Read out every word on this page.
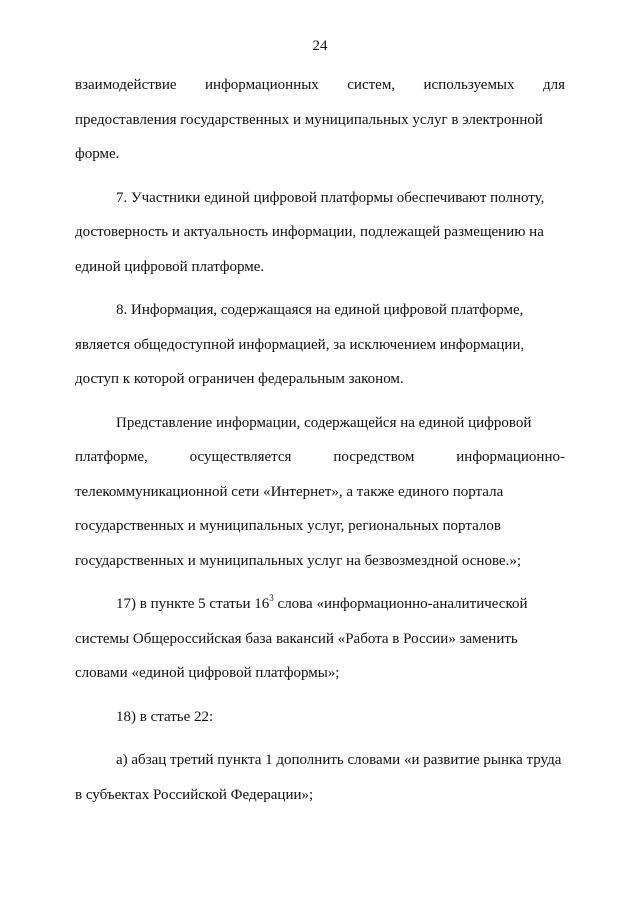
24

взаимодействие информационных систем, используемых для
предоставления государственных и муниципальных услуг в электронной
форме.

7. Участники единой цифровой платформы обеспечивают полноту,
достоверность и актуальность информации, подлежащей размещению на
единой цифровой платформе.

8. Информация, содержащаяся на единой цифровой платформе,
является общедоступной информацией, за исключением информации,
доступ к которой ограничен федеральным законом.

Представление информации, содержащейся на единой цифровой
платформе,	осуществляется	посредством	информационно-
телекоммуникационной сети «Интернет», а также единого портала
государственных и муниципальных услуг, региональных порталов
государственных и муниципальных услуг на безвозмездной основе.»;

17) в пункте 5 статьи $16^3$ слова «информационно-аналитической
системы Общероссийская база вакансий «Работа в России» заменить
словами «единой цифровой платформы»;

18) в статье 22:

а) абзац третий пункта 1 дополнить словами «и развитие рынка труда
в субъектах Российской Федерации»;
